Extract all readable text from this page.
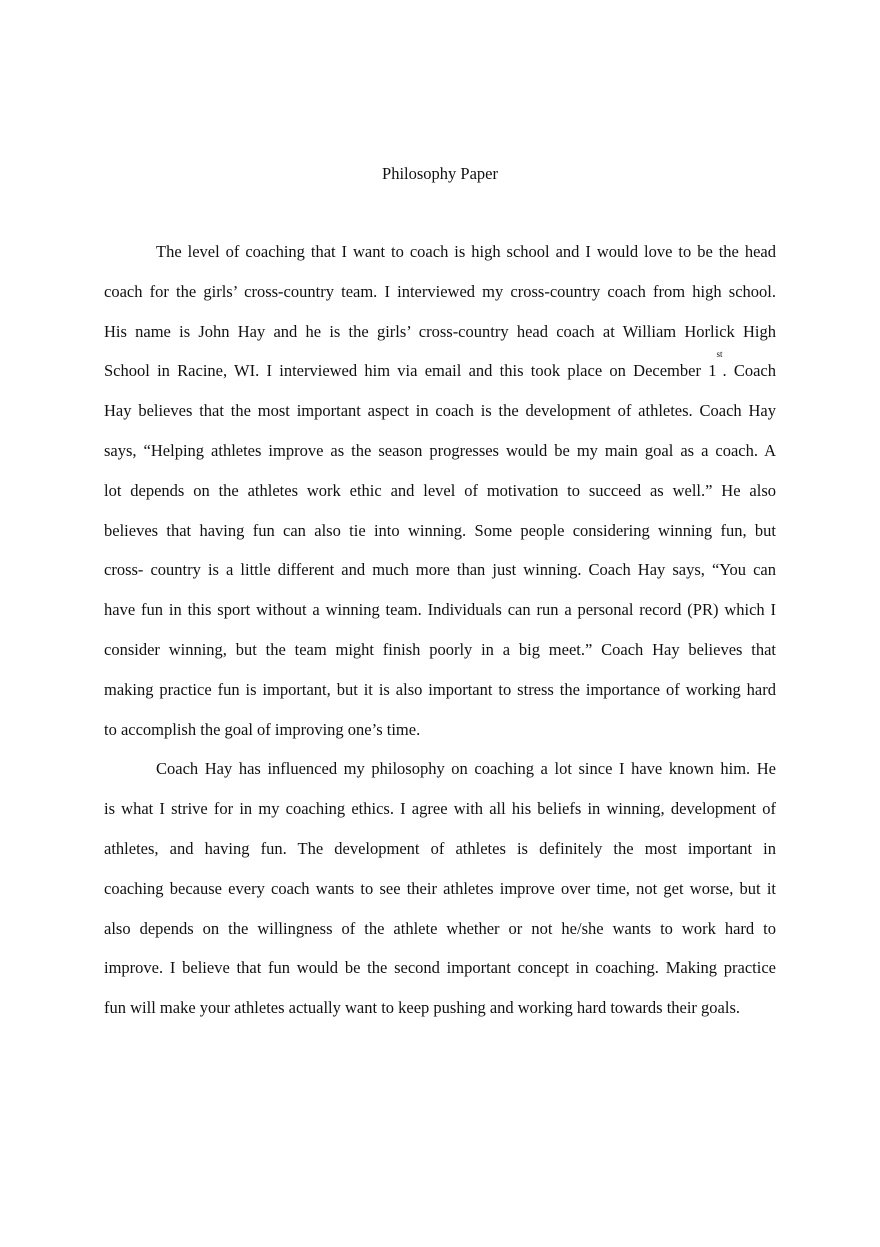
Philosophy Paper
The level of coaching that I want to coach is high school and I would love to be the head
coach for the girls’ cross-country team. I interviewed my cross-country coach from high school.
His name is John Hay and he is the girls’ cross-country head coach at William Horlick High
School in Racine, WI. I interviewed him via email and this took place on December 1st. Coach
Hay believes that the most important aspect in coach is the development of athletes. Coach Hay
says, “Helping athletes improve as the season progresses would be my main goal as a coach. A
lot depends on the athletes work ethic and level of motivation to succeed as well.” He also
believes that having fun can also tie into winning. Some people considering winning fun, but
cross- country is a little different and much more than just winning. Coach Hay says, “You can
have fun in this sport without a winning team. Individuals can run a personal record (PR) which I
consider winning, but the team might finish poorly in a big meet.” Coach Hay believes that
making practice fun is important, but it is also important to stress the importance of working hard
to accomplish the goal of improving one’s time.
Coach Hay has influenced my philosophy on coaching a lot since I have known him. He
is what I strive for in my coaching ethics. I agree with all his beliefs in winning, development of
athletes, and having fun. The development of athletes is definitely the most important in
coaching because every coach wants to see their athletes improve over time, not get worse, but it
also depends on the willingness of the athlete whether or not he/she wants to work hard to
improve. I believe that fun would be the second important concept in coaching. Making practice
fun will make your athletes actually want to keep pushing and working hard towards their goals.
